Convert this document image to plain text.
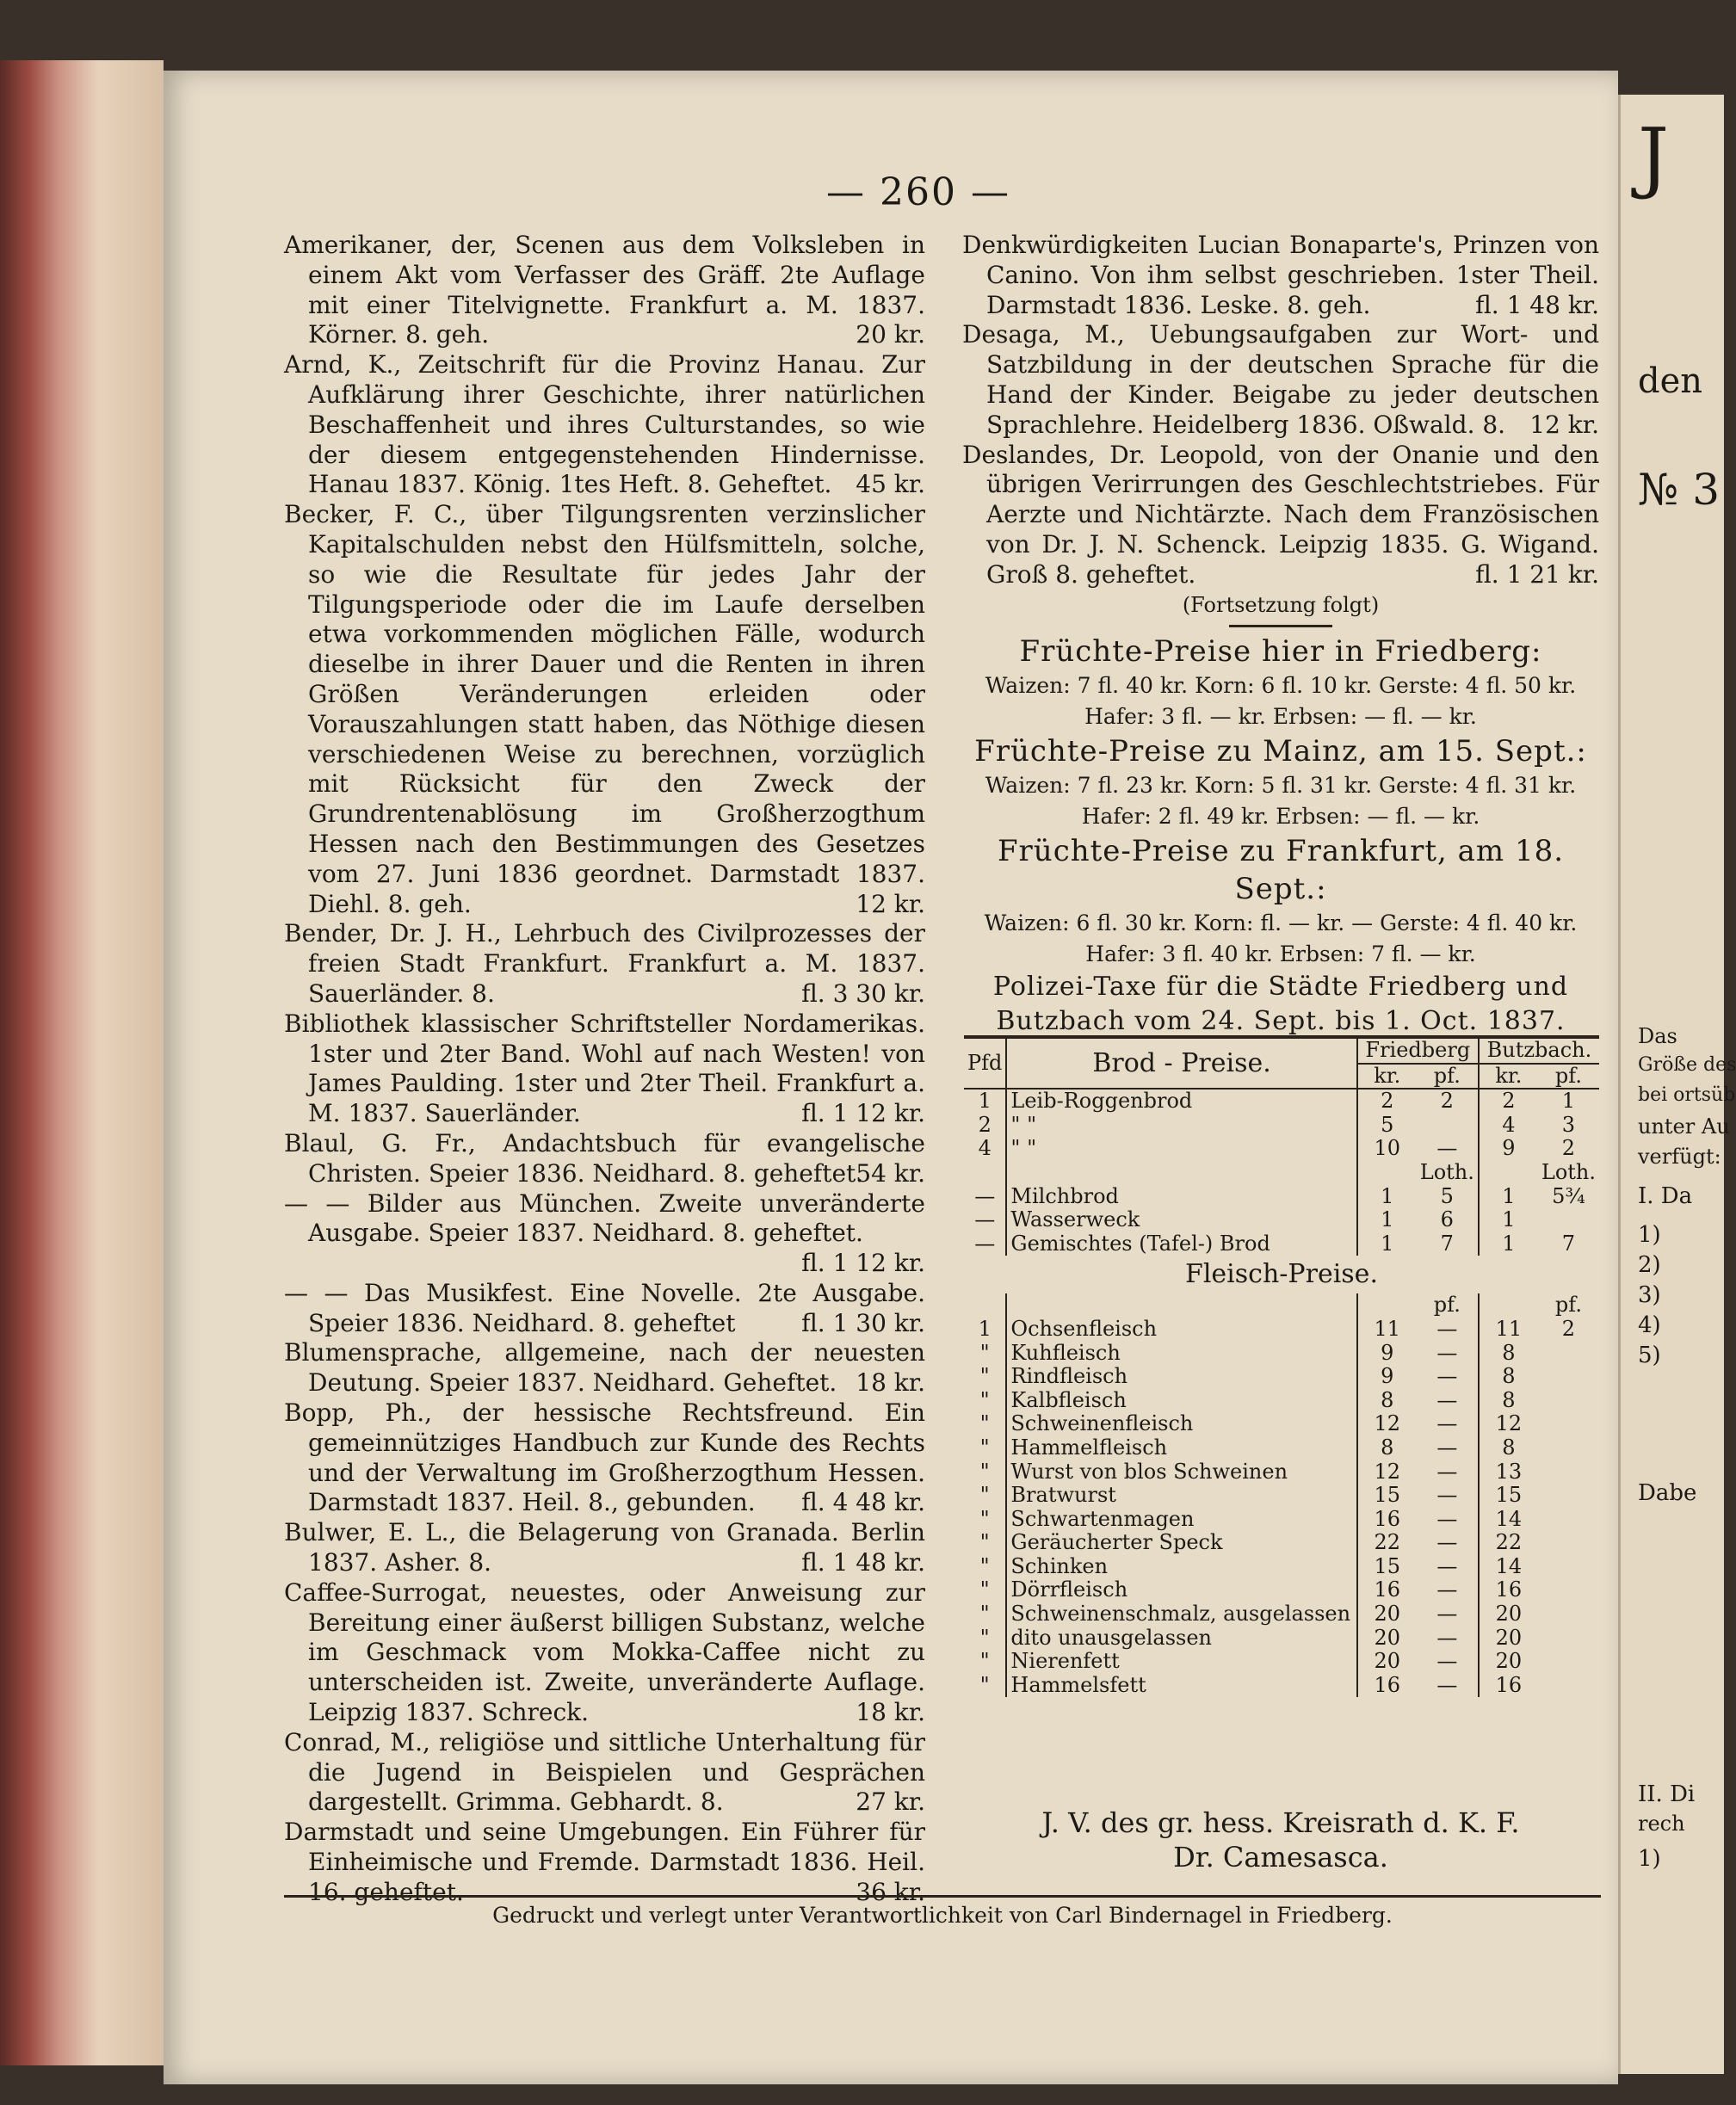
J
den
№ 3
Das
Größe des
bei ortsüb
unter Au
verfügt:
I. Da
1)
2)
3)
4)
5)
Dabe
II. Di
rech
1)
— 260 —

Amerikaner, der, Scenen aus dem Volksleben in einem Akt vom Verfasser des Gräff. 2te Auflage mit einer Titelvignette. Frankfurt a. M. 1837. Körner. 8. geh.	20 kr.

Arnd, K., Zeitschrift für die Provinz Hanau. Zur Aufklärung ihrer Geschichte, ihrer natürlichen Beschaffenheit und ihres Culturstandes, so wie der diesem entgegenstehenden Hindernisse. Hanau 1837. König. 1tes Heft. 8. Geheftet. 45 kr.

Becker, F. C., über Tilgungsrenten verzinslicher Kapitalschulden nebst den Hülfsmitteln, solche, so wie die Resultate für jedes Jahr der Tilgungsperiode oder die im Laufe derselben etwa vorkommenden möglichen Fälle, wodurch dieselbe in ihrer Dauer und die Renten in ihren Größen Veränderungen erleiden oder Vorauszahlungen statt haben, das Nöthige diesen verschiedenen Weise zu berechnen, vorzüglich mit Rücksicht für den Zweck der Grundrentenablösung im Großherzogthum Hessen nach den Bestimmungen des Gesetzes vom 27. Juni 1836 geordnet. Darmstadt 1837. Diehl. 8. geh.	12 kr.

Bender, Dr. J. H., Lehrbuch des Civilprozesses der freien Stadt Frankfurt. Frankfurt a. M. 1837. Sauerländer. 8.	fl. 3 30 kr.

Bibliothek klassischer Schriftsteller Nordamerikas. 1ster und 2ter Band. Wohl auf nach Westen! von James Paulding. 1ster und 2ter Theil. Frankfurt a. M. 1837. Sauerländer.	fl. 1 12 kr.

Blaul, G. Fr., Andachtsbuch für evangelische Christen. Speier 1836. Neidhard. 8. geheftet.
54 kr.

— — Bilder aus München. Zweite unveränderte Ausgabe. Speier 1837. Neidhard. 8. geheftet.
fl. 1 12 kr.

— — Das Musikfest. Eine Novelle. 2te Ausgabe. Speier 1836. Neidhard. 8. geheftet	fl. 1 30 kr.

Blumensprache, allgemeine, nach der neuesten Deutung. Speier 1837. Neidhard. Geheftet. 18 kr.

Bopp, Ph., der hessische Rechtsfreund. Ein gemeinnütziges Handbuch zur Kunde des Rechts und der Verwaltung im Großherzogthum Hessen. Darmstadt 1837. Heil. 8., gebunden. fl. 4 48 kr.

Bulwer, E. L., die Belagerung von Granada. Berlin 1837. Asher. 8.	fl. 1 48 kr.

Caffee-Surrogat, neuestes, oder Anweisung zur Bereitung einer äußerst billigen Substanz, welche im Geschmack vom Mokka-Caffee nicht zu unterscheiden ist. Zweite, unveränderte Auflage. Leipzig 1837. Schreck.	18 kr.

Conrad, M., religiöse und sittliche Unterhaltung für die Jugend in Beispielen und Gesprächen dargestellt. Grimma. Gebhardt. 8.	27 kr.

Darmstadt und seine Umgebungen. Ein Führer für Einheimische und Fremde. Darmstadt 1836. Heil. 16. geheftet.	36 kr.

Denkwürdigkeiten Lucian Bonaparte's, Prinzen von Canino. Von ihm selbst geschrieben. 1ster Theil. Darmstadt 1836. Leske. 8. geh.	fl. 1 48 kr.

Desaga, M., Uebungsaufgaben zur Wort- und Satzbildung in der deutschen Sprache für die Hand der Kinder. Beigabe zu jeder deutschen Sprachlehre. Heidelberg 1836. Oßwald. 8. 12 kr.

Deslandes, Dr. Leopold, von der Onanie und den übrigen Verirrungen des Geschlechtstriebes. Für Aerzte und Nichtärzte. Nach dem Französischen von Dr. J. N. Schenck. Leipzig 1835. G. Wigand. Groß 8. geheftet.	fl. 1 21 kr.

(Fortsetzung folgt)
Früchte-Preise hier in Friedberg:
Waizen: 7 fl. 40 kr. Korn: 6 fl. 10 kr. Gerste: 4 fl. 50 kr.
Hafer: 3 fl. — kr. Erbsen: — fl. — kr.
Früchte-Preise zu Mainz, am 15. Sept.:
Waizen: 7 fl. 23 kr. Korn: 5 fl. 31 kr. Gerste: 4 fl. 31 kr.
Hafer: 2 fl. 49 kr. Erbsen: — fl. — kr.
Früchte-Preise zu Frankfurt, am 18. Sept.:
Waizen: 6 fl. 30 kr. Korn: fl. — kr. — Gerste: 4 fl. 40 kr.
Hafer: 3 fl. 40 kr. Erbsen: 7 fl. — kr.
Polizei-Taxe für die Städte Friedberg und Butzbach vom 24. Sept. bis 1. Oct. 1837.
Pfd	Brod - Preise.	Friedberg		Butzbach.	
		kr.	pf.	kr.	pf.
1	Leib-Roggenbrod	2	2	2	1
2	" "	5		4	3
4	" "	10	—	9	2
			Loth.		Loth.
—	Milchbrod	1	5	1	5¾
—	Wasserweck	1	6	1	
—	Gemischtes (Tafel-) Brod	1	7	1	7
Fleisch-Preise.					
			pf.		pf.
1	Ochsenfleisch	11	—	11	2
"	Kuhfleisch	9	—	8	
"	Rindfleisch	9	—	8	
"	Kalbfleisch	8	—	8	
"	Schweinenfleisch	12	—	12	
"	Hammelfleisch	8	—	8	
"	Wurst von blos Schweinen	12	—	13	
"	Bratwurst	15	—	15	
"	Schwartenmagen	16	—	14	
"	Geräucherter Speck	22	—	22	
"	Schinken	15	—	14	
"	Dörrfleisch	16	—	16	
"	Schweinenschmalz, ausgelassen	20	—	20	
"	dito unausgelassen	20	—	20	
"	Nierenfett	20	—	20	
"	Hammelsfett	16	—	16	
J. V. des gr. hess. Kreisrath d. K. F.
Dr. Camesasca.
Gedruckt und verlegt unter Verantwortlichkeit von Carl Bindernagel in Friedberg.
